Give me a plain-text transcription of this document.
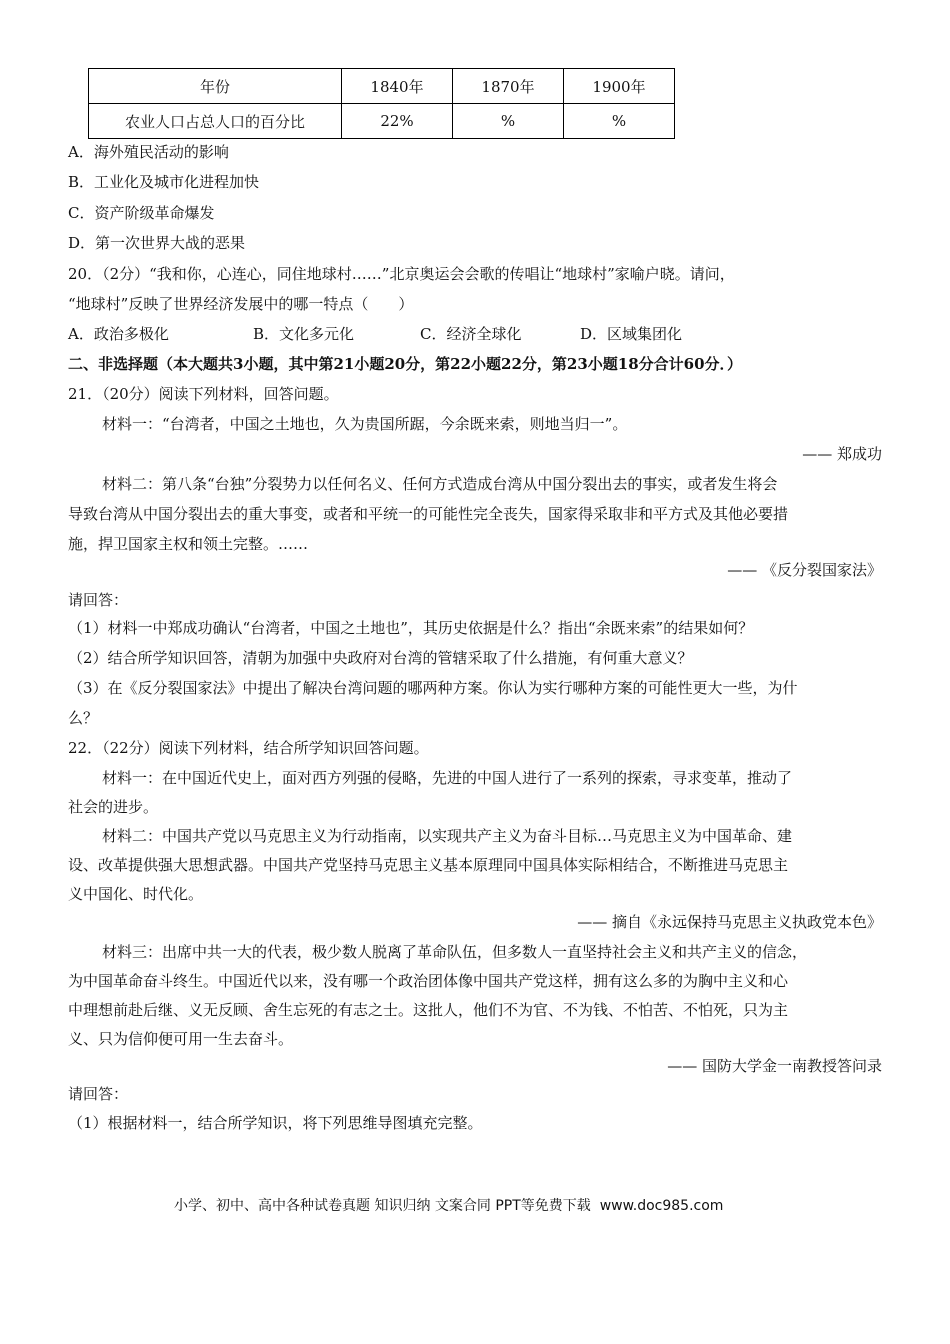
年份	1840年	1870年	1900年
农业人口占总人口的百分比	22%	%	%
A．海外殖民活动的影响
B．工业化及城市化进程加快
C．资产阶级革命爆发
D．第一次世界大战的恶果
20．（2分）“我和你，心连心，同住地球村……”北京奥运会会歌的传唱让“地球村”家喻户晓。请问，
“地球村”反映了世界经济发展中的哪一特点（　　）
A．政治多极化	B．文化多元化	C．经济全球化	D．区域集团化
二、非选择题（本大题共3小题，其中第21小题20分，第22小题22分，第23小题18分合计60分．）
21．（20分）阅读下列材料，回答问题。
材料一：“台湾者，中国之土地也，久为贵国所踞，今余既来索，则地当归一”。
—— 郑成功
材料二：第八条“台独”分裂势力以任何名义、任何方式造成台湾从中国分裂出去的事实，或者发生将会
导致台湾从中国分裂出去的重大事变，或者和平统一的可能性完全丧失，国家得采取非和平方式及其他必要措
施，捍卫国家主权和领土完整。……
—— 《反分裂国家法》
请回答：
（1）材料一中郑成功确认“台湾者，中国之土地也”，其历史依据是什么？指出“余既来索”的结果如何？
（2）结合所学知识回答，清朝为加强中央政府对台湾的管辖采取了什么措施，有何重大意义？
（3）在《反分裂国家法》中提出了解决台湾问题的哪两种方案。你认为实行哪种方案的可能性更大一些，为什
么？
22．（22分）阅读下列材料，结合所学知识回答问题。
材料一：在中国近代史上，面对西方列强的侵略，先进的中国人进行了一系列的探索，寻求变革，推动了
社会的进步。
材料二：中国共产党以马克思主义为行动指南，以实现共产主义为奋斗目标…马克思主义为中国革命、建
设、改革提供强大思想武器。中国共产党坚持马克思主义基本原理同中国具体实际相结合，不断推进马克思主
义中国化、时代化。
—— 摘自《永远保持马克思主义执政党本色》
材料三：出席中共一大的代表，极少数人脱离了革命队伍，但多数人一直坚持社会主义和共产主义的信念，
为中国革命奋斗终生。中国近代以来，没有哪一个政治团体像中国共产党这样，拥有这么多的为胸中主义和心
中理想前赴后继、义无反顾、舍生忘死的有志之士。这批人，他们不为官、不为钱、不怕苦、不怕死，只为主
义、只为信仰便可用一生去奋斗。
—— 国防大学金一南教授答问录
请回答：
（1）根据材料一，结合所学知识，将下列思维导图填充完整。
小学、初中、高中各种试卷真题 知识归纳 文案合同 PPT等免费下载 www.doc985.com
